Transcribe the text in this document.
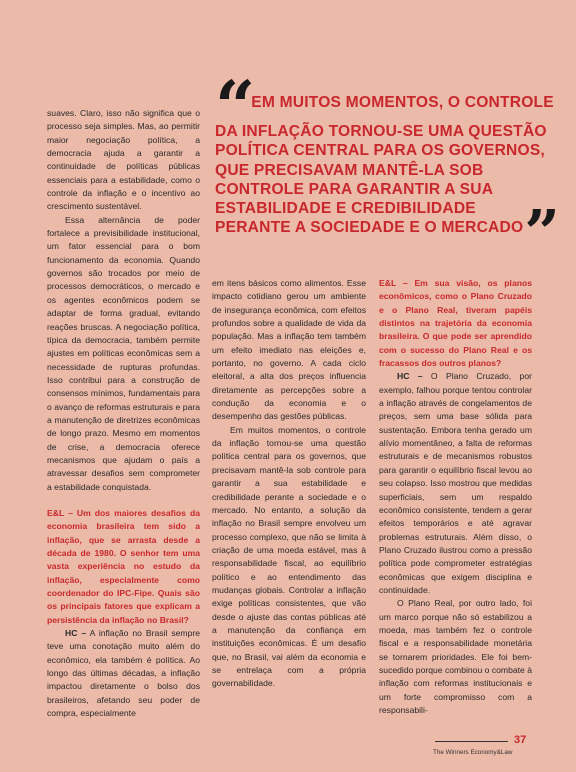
“ EM MUITOS MOMENTOS, O CONTROLE DA INFLAÇÃO TORNOU-SE UMA QUESTÃO POLÍTICA CENTRAL PARA OS GOVERNOS, QUE PRECISAVAM MANTÊ-LA SOB CONTROLE PARA GARANTIR A SUA ESTABILIDADE E CREDIBILIDADE PERANTE A SOCIEDADE E O MERCADO”

suaves. Claro, isso não significa que o processo seja simples. Mas, ao permitir maior negociação política, a democracia ajuda a garantir a continuidade de políticas públicas essenciais para a estabilidade, como o controle da inflação e o incentivo ao crescimento sustentável.

Essa alternância de poder fortalece a previsibilidade institucional, um fator essencial para o bom funcionamento da economia. Quando governos são trocados por meio de processos democráticos, o mercado e os agentes econômicos podem se adaptar de forma gradual, evitando reações bruscas. A negociação política, típica da democracia, também permite ajustes em políticas econômicas sem a necessidade de rupturas profundas. Isso contribui para a construção de consensos mínimos, fundamentais para o avanço de reformas estruturais e para a manutenção de diretrizes econômicas de longo prazo. Mesmo em momentos de crise, a democracia oferece mecanismos que ajudam o país a atravessar desafios sem comprometer a estabilidade conquistada.

E&L – Um dos maiores desafios da economia brasileira tem sido a inflação, que se arrasta desde a década de 1980. O senhor tem uma vasta experiência no estudo da inflação, especialmente como coordenador do IPC-Fipe. Quais são os principais fatores que explicam a persistência da inflação no Brasil?

HC – A inflação no Brasil sempre teve uma conotação muito além do econômico, ela também é política. Ao longo das últimas décadas, a inflação impactou diretamente o bolso dos brasileiros, afetando seu poder de compra, especialmente

em itens básicos como alimentos. Esse impacto cotidiano gerou um ambiente de insegurança econômica, com efeitos profundos sobre a qualidade de vida da população. Mas a inflação tem também um efeito imediato nas eleições e, portanto, no governo. A cada ciclo eleitoral, a alta dos preços influencia diretamente as percepções sobre a condução da economia e o desempenho das gestões públicas.

Em muitos momentos, o controle da inflação tornou-se uma questão política central para os governos, que precisavam mantê-la sob controle para garantir a sua estabilidade e credibilidade perante a sociedade e o mercado. No entanto, a solução da inflação no Brasil sempre envolveu um processo complexo, que não se limita à criação de uma moeda estável, mas à responsabilidade fiscal, ao equilíbrio político e ao entendimento das mudanças globais. Controlar a inflação exige políticas consistentes, que vão desde o ajuste das contas públicas até a manutenção da confiança em instituições econômicas. É um desafio que, no Brasil, vai além da economia e se entrelaça com a própria governabilidade.

E&L – Em sua visão, os planos econômicos, como o Plano Cruzado e o Plano Real, tiveram papéis distintos na trajetória da economia brasileira. O que pode ser aprendido com o sucesso do Plano Real e os fracassos dos outros planos?

HC – O Plano Cruzado, por exemplo, falhou porque tentou controlar a inflação através de congelamentos de preços, sem uma base sólida para sustentação. Embora tenha gerado um alívio momentâneo, a falta de reformas estruturais e de mecanismos robustos para garantir o equilíbrio fiscal levou ao seu colapso. Isso mostrou que medidas superficiais, sem um respaldo econômico consistente, tendem a gerar efeitos temporários e até agravar problemas estruturais. Além disso, o Plano Cruzado ilustrou como a pressão política pode comprometer estratégias econômicas que exigem disciplina e continuidade.

O Plano Real, por outro lado, foi um marco porque não só estabilizou a moeda, mas também fez o controle fiscal e a responsabilidade monetária se tornarem prioridades. Ele foi bem-sucedido porque combinou o combate à inflação com reformas institucionais e um forte compromisso com a responsabili-

37
The Winners Economy&Law
